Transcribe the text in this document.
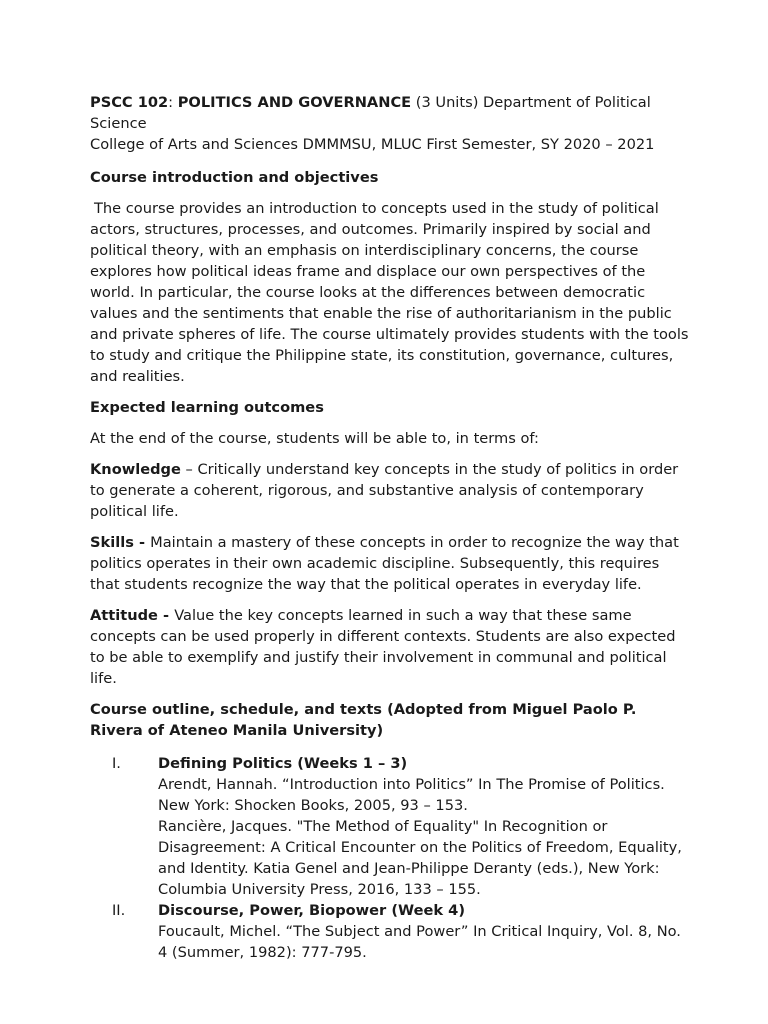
PSCC 102: POLITICS AND GOVERNANCE (3 Units) Department of Political Science
College of Arts and Sciences DMMMSU, MLUC First Semester, SY 2020 – 2021

Course introduction and objectives

The course provides an introduction to concepts used in the study of political actors, structures, processes, and outcomes. Primarily inspired by social and political theory, with an emphasis on interdisciplinary concerns, the course explores how political ideas frame and displace our own perspectives of the world. In particular, the course looks at the differences between democratic values and the sentiments that enable the rise of authoritarianism in the public and private spheres of life. The course ultimately provides students with the tools to study and critique the Philippine state, its constitution, governance, cultures, and realities.

Expected learning outcomes

At the end of the course, students will be able to, in terms of:

Knowledge – Critically understand key concepts in the study of politics in order to generate a coherent, rigorous, and substantive analysis of contemporary political life.

Skills - Maintain a mastery of these concepts in order to recognize the way that politics operates in their own academic discipline. Subsequently, this requires that students recognize the way that the political operates in everyday life.

Attitude - Value the key concepts learned in such a way that these same concepts can be used properly in different contexts. Students are also expected to be able to exemplify and justify their involvement in communal and political life.

Course outline, schedule, and texts (Adopted from Miguel Paolo P. Rivera of Ateneo Manila University)

I.	Defining Politics (Weeks 1 – 3)

Arendt, Hannah. “Introduction into Politics” In The Promise of Politics. New York: Shocken Books, 2005, 93 – 153.

Rancière, Jacques. "The Method of Equality" In Recognition or Disagreement: A Critical Encounter on the Politics of Freedom, Equality, and Identity. Katia Genel and Jean-Philippe Deranty (eds.), New York: Columbia University Press, 2016, 133 – 155.

II. Discourse, Power, Biopower (Week 4)

Foucault, Michel. “The Subject and Power” In Critical Inquiry, Vol. 8, No. 4 (Summer, 1982): 777-795.
